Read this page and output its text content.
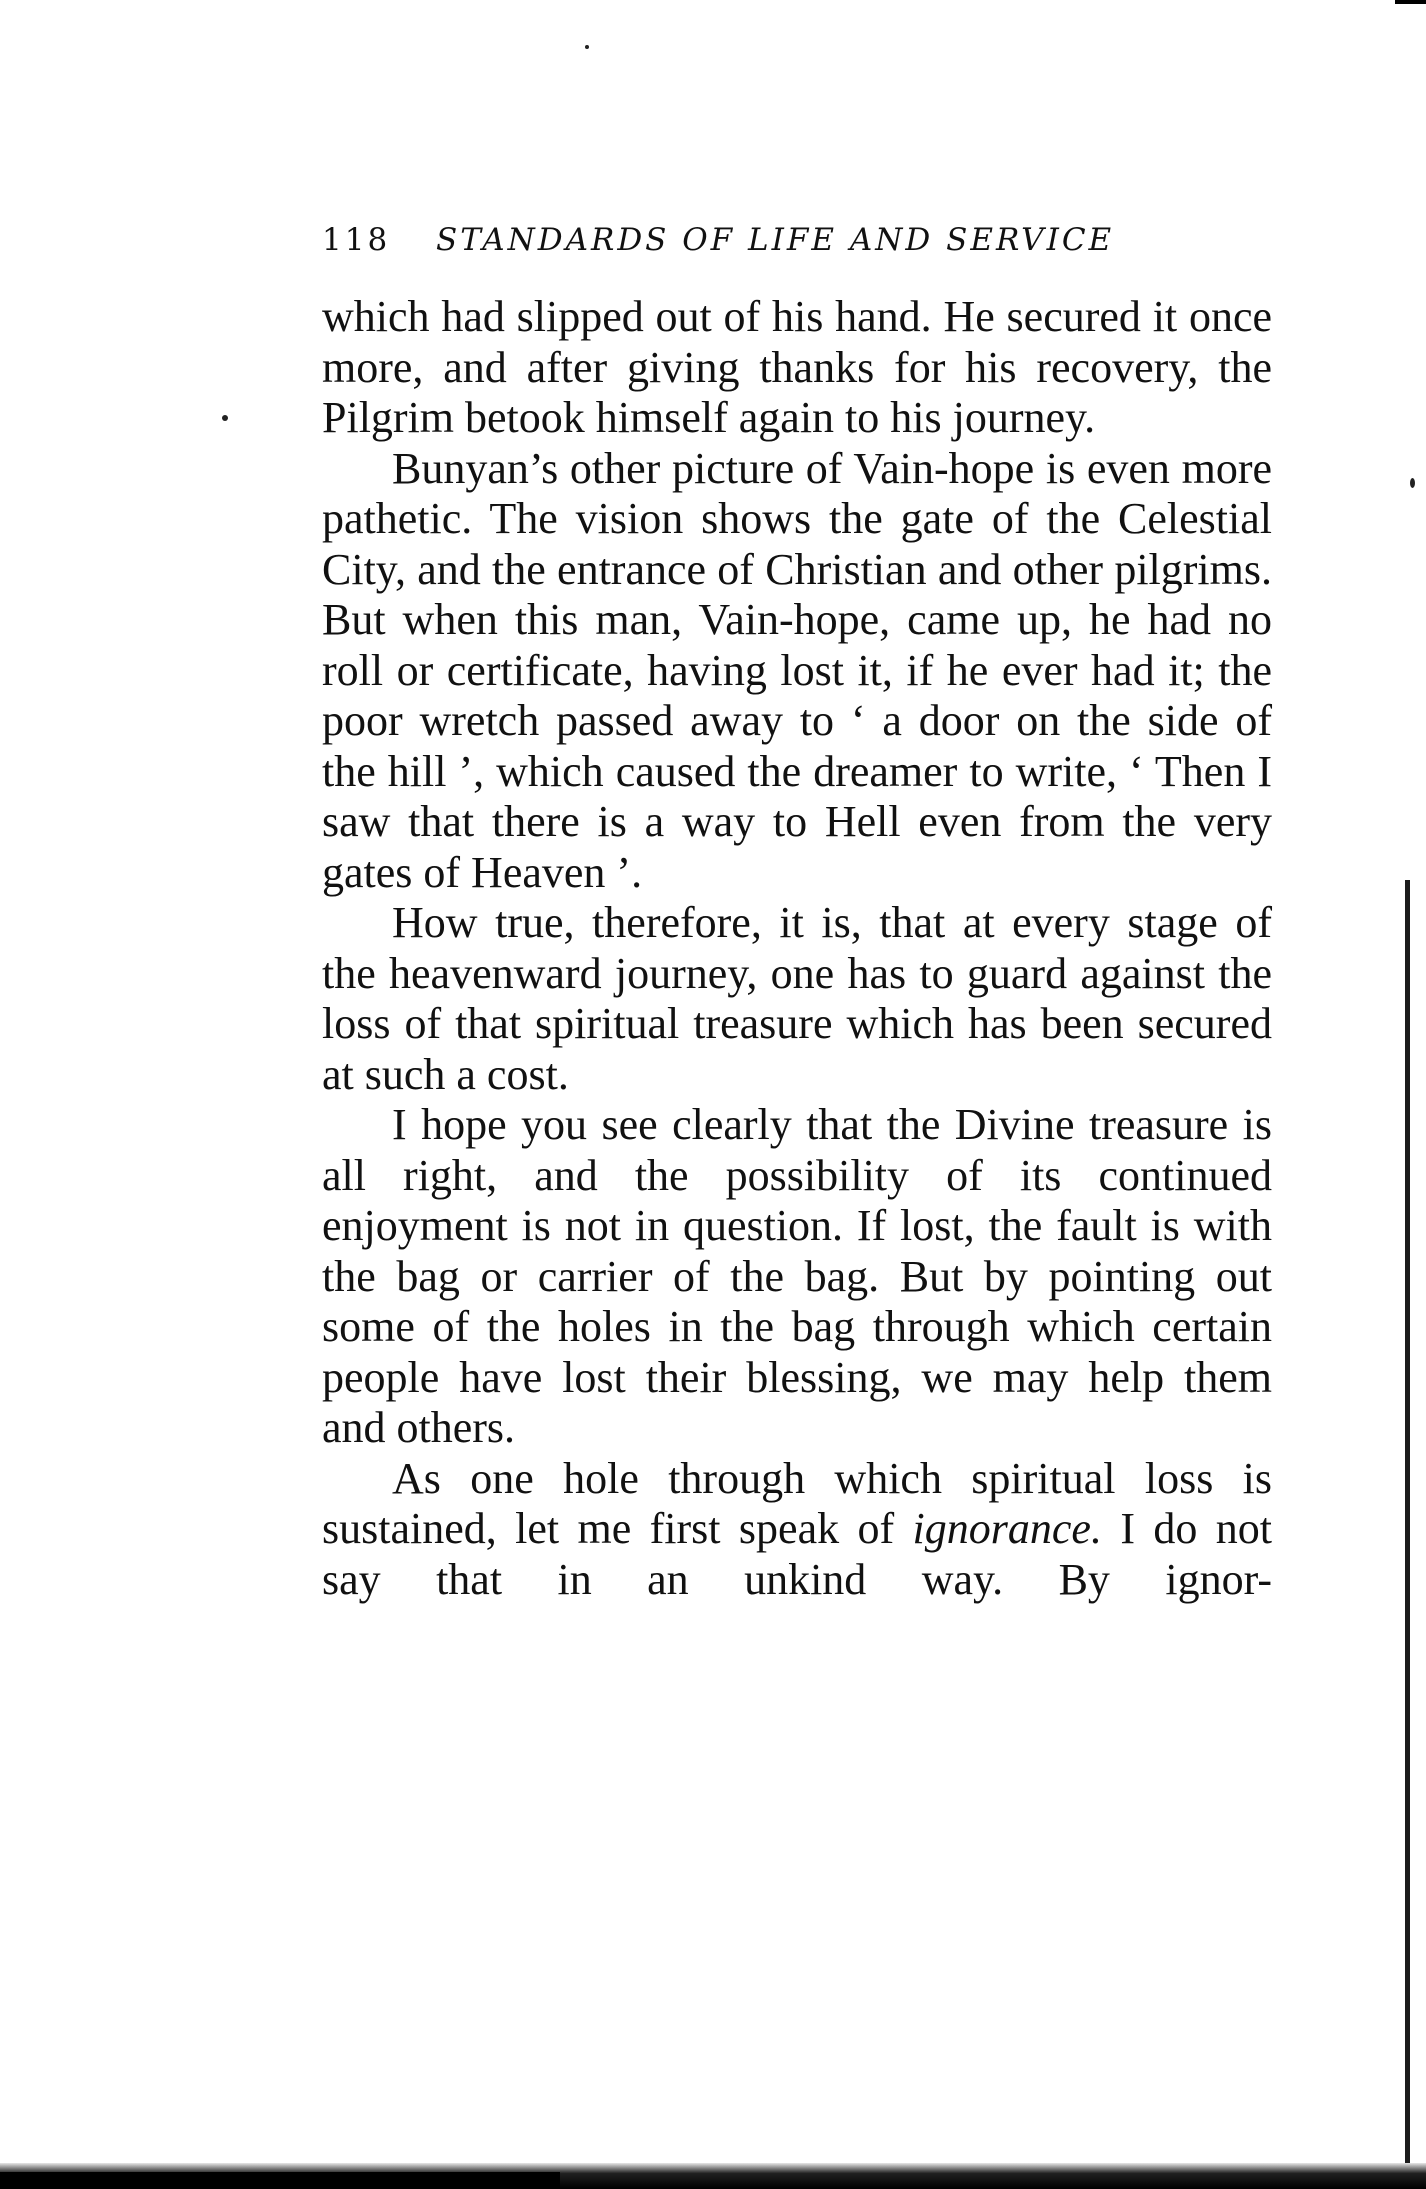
118 STANDARDS OF LIFE AND SERVICE

which had slipped out of his hand. He secured it once more, and after giving thanks for his recovery, the Pilgrim betook himself again to his journey.

Bunyan’s other picture of Vain-hope is even more pathetic. The vision shows the gate of the Celestial City, and the entrance of Christian and other pilgrims. But when this man, Vain-hope, came up, he had no roll or certificate, having lost it, if he ever had it; the poor wretch passed away to ‘ a door on the side of the hill ’, which caused the dreamer to write, ‘ Then I saw that there is a way to Hell even from the very gates of Heaven ’.

How true, therefore, it is, that at every stage of the heavenward journey, one has to guard against the loss of that spiritual treasure which has been secured at such a cost.

I hope you see clearly that the Divine treasure is all right, and the possibility of its continued enjoyment is not in question. If lost, the fault is with the bag or carrier of the bag. But by pointing out some of the holes in the bag through which certain people have lost their blessing, we may help them and others.

As one hole through which spiritual loss is sustained, let me first speak of ignorance. I do not say that in an unkind way. By ignor-
